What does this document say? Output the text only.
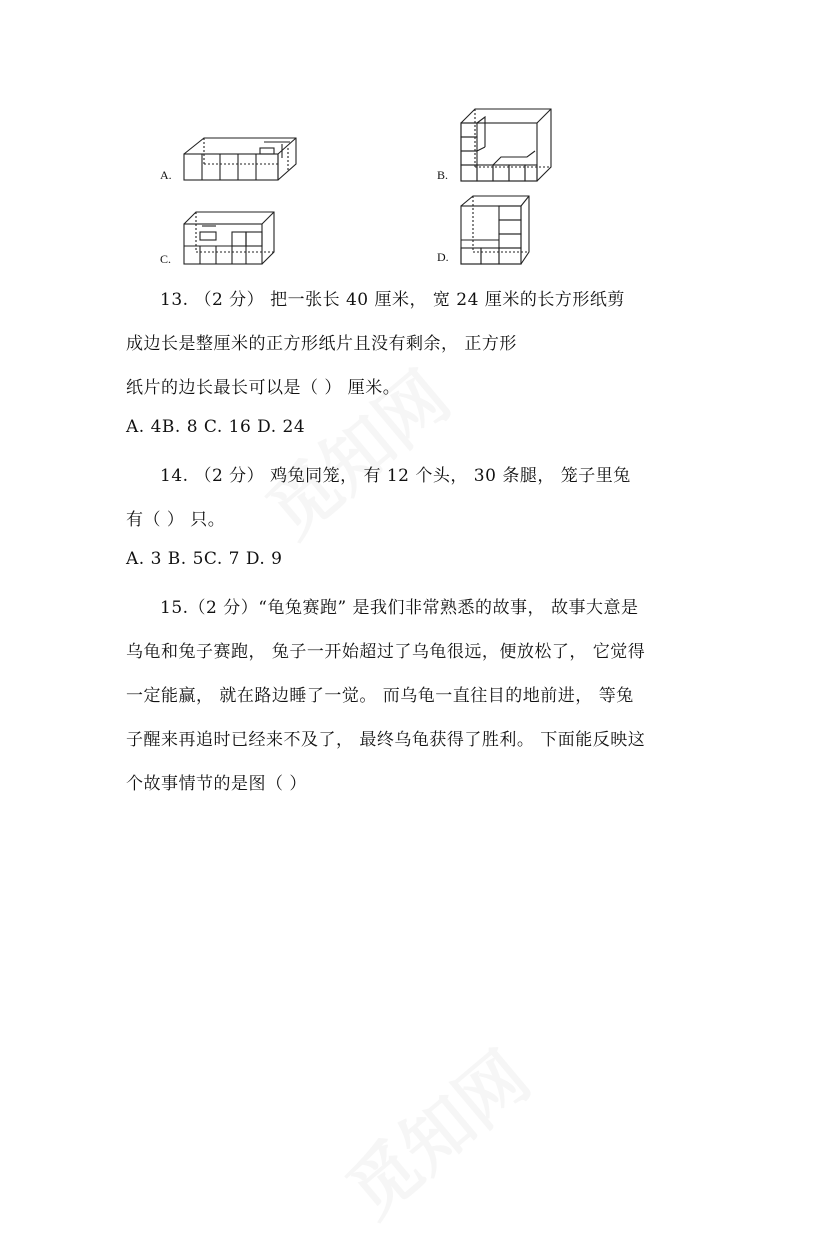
A.	B.
C.	D.
13. （2 分） 把一张长 40 厘米， 宽 24 厘米的长方形纸剪
成边长是整厘米的正方形纸片且没有剩余， 正方形
纸片的边长最长可以是（ ） 厘米。
A. 4B. 8 C. 16 D. 24
14. （2 分） 鸡兔同笼， 有 12 个头， 30 条腿， 笼子里兔
有（ ） 只。
A. 3 B. 5C. 7 D. 9
15.（2 分）“龟兔赛跑” 是我们非常熟悉的故事， 故事大意是
乌龟和兔子赛跑， 兔子一开始超过了乌龟很远，便放松了， 它觉得
一定能赢， 就在路边睡了一觉。 而乌龟一直往目的地前进， 等兔
子醒来再追时已经来不及了， 最终乌龟获得了胜利。 下面能反映这
个故事情节的是图（ ）
